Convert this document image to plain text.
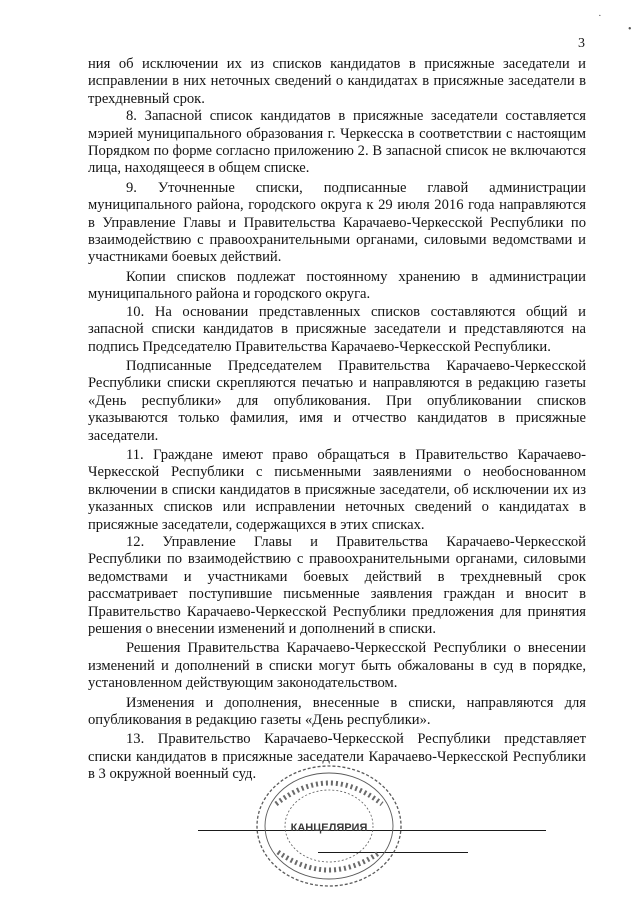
3
·
•

ния об исключении их из списков кандидатов в присяжные заседатели и исправлении в них неточных сведений о кандидатах в присяжные заседатели в трехдневный срок.

8. Запасной список кандидатов в присяжные заседатели составляется мэрией муниципального образования г. Черкесска в соответствии с настоящим Порядком по форме согласно приложению 2. В запасной список не включаются лица, находящееся в общем списке.

9. Уточненные списки, подписанные главой администрации муниципального района, городского округа к 29 июля 2016 года направляются в Управление Главы и Правительства Карачаево-Черкесской Республики по взаимодействию с правоохранительными органами, силовыми ведомствами и участниками боевых действий.

Копии списков подлежат постоянному хранению в администрации муниципального района и городского округа.

10. На основании представленных списков составляются общий и запасной списки кандидатов в присяжные заседатели и представляются на подпись Председателю Правительства Карачаево-Черкесской Республики.

Подписанные Председателем Правительства Карачаево-Черкесской Республики списки скрепляются печатью и направляются в редакцию газеты «День республики» для опубликования. При опубликовании списков указываются только фамилия, имя и отчество кандидатов в присяжные заседатели.

11. Граждане имеют право обращаться в Правительство Карачаево-Черкесской Республики с письменными заявлениями о необоснованном включении в списки кандидатов в присяжные заседатели, об исключении их из указанных списков или исправлении неточных сведений о кандидатах в присяжные заседатели, содержащихся в этих списках.

12. Управление Главы и Правительства Карачаево-Черкесской Республики по взаимодействию с правоохранительными органами, силовыми ведомствами и участниками боевых действий в трехдневный срок рассматривает поступившие письменные заявления граждан и вносит в Правительство Карачаево-Черкесской Республики предложения для принятия решения о внесении изменений и дополнений в списки.

Решения Правительства Карачаево-Черкесской Республики о внесении изменений и дополнений в списки могут быть обжалованы в суд в порядке, установленном действующим законодательством.

Изменения и дополнения, внесенные в списки, направляются для опубликования в редакцию газеты «День республики».

13. Правительство Карачаево-Черкесской Республики представляет списки кандидатов в присяжные заседатели Карачаево-Черкесской Республики в 3 окружной военный суд.

КАНЦЕЛЯРИЯ
